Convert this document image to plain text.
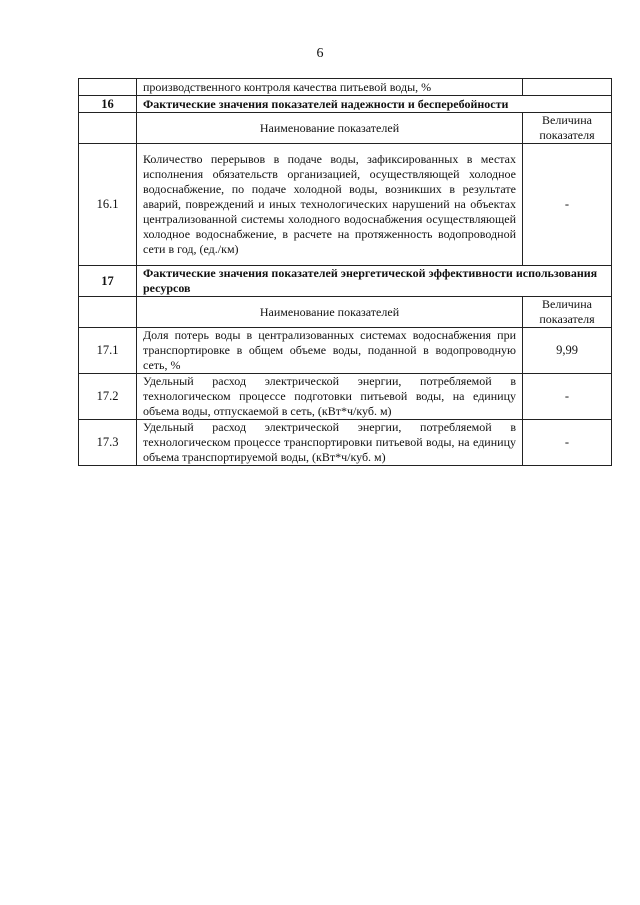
6
	производственного контроля качества питьевой воды, %	
16	Фактические значения показателей надежности и бесперебойности	
	Наименование показателей	Величина
показателя

16.1	Количество перерывов в подаче воды, зафиксированных в местах исполнения обязательств организацией, осуществляющей холодное водоснабжение, по подаче холодной воды, возникших в результате аварий, повреждений и иных технологических нарушений на объектах централизованной системы холодного водоснабжения осуществляющей холодное водоснабжение, в расчете на протяженность водопроводной сети в год, (ед./км)	-
17	Фактические значения показателей энергетической эффективности использования ресурсов	
	Наименование показателей	Величина
показателя

17.1	Доля потерь воды в централизованных системах водоснабжения при транспортировке в общем объеме воды, поданной в водопроводную сеть, %	9,99
17.2	Удельный расход электрической энергии, потребляемой в технологическом процессе подготовки питьевой воды, на единицу объема воды, отпускаемой в сеть, (кВт*ч/куб. м)	-
17.3	Удельный расход электрической энергии, потребляемой в технологическом процессе транспортировки питьевой воды, на единицу объема транспортируемой воды, (кВт*ч/куб. м)	-
